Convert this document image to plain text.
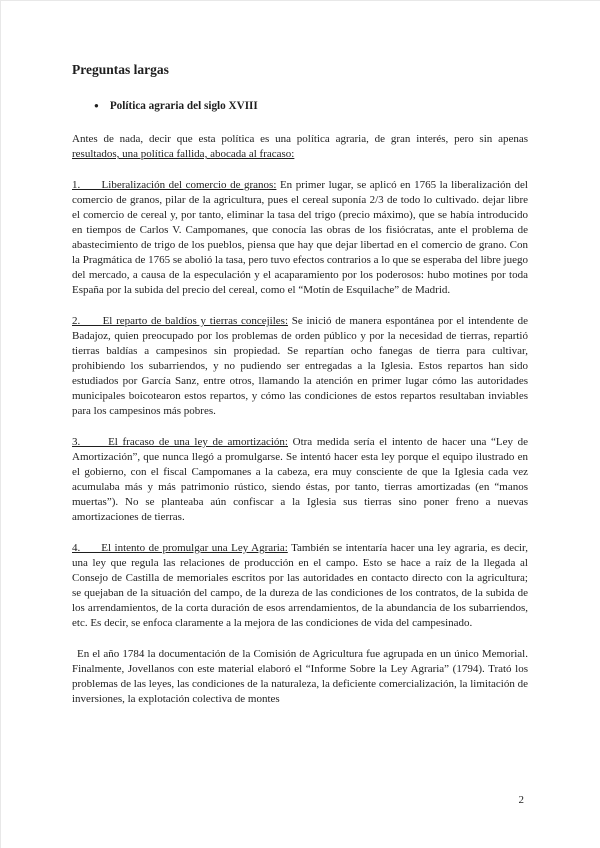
Preguntas largas
● Política agraria del siglo XVIII

Antes de nada, decir que esta política es una política agraria, de gran interés, pero sin apenas resultados, una política fallida, abocada al fracaso:

1.      Liberalización del comercio de granos: En primer lugar, se aplicó en 1765 la liberalización del comercio de granos, pilar de la agricultura, pues el cereal suponía 2/3 de todo lo cultivado. dejar libre el comercio de cereal y, por tanto, eliminar la tasa del trigo (precio máximo), que se había introducido en tiempos de Carlos V. Campomanes, que conocía las obras de los fisiócratas, ante el problema de abastecimiento de trigo de los pueblos, piensa que hay que dejar libertad en el comercio de grano. Con la Pragmática de 1765 se abolió la tasa, pero tuvo efectos contrarios a lo que se esperaba del libre juego del mercado, a causa de la especulación y el acaparamiento por los poderosos: hubo motines por toda España por la subida del precio del cereal, como el “Motín de Esquilache” de Madrid.

2.      El reparto de baldíos y tierras concejiles: Se inició de manera espontánea por el intendente de Badajoz, quien preocupado por los problemas de orden público y por la necesidad de tierras, repartió tierras baldías a campesinos sin propiedad. Se repartían ocho fanegas de tierra para cultivar, prohibiendo los subarriendos, y no pudiendo ser entregadas a la Iglesia. Estos repartos han sido estudiados por García Sanz, entre otros, llamando la atención en primer lugar cómo las autoridades municipales boicotearon estos repartos, y cómo las condiciones de estos repartos resultaban inviables para los campesinos más pobres.

3.      El fracaso de una ley de amortización: Otra medida sería el intento de hacer una “Ley de Amortización”, que nunca llegó a promulgarse. Se intentó hacer esta ley porque el equipo ilustrado en el gobierno, con el fiscal Campomanes a la cabeza, era muy consciente de que la Iglesia cada vez acumulaba más y más patrimonio rústico, siendo éstas, por tanto, tierras amortizadas (en “manos muertas”). No se planteaba aún confiscar a la Iglesia sus tierras sino poner freno a nuevas amortizaciones de tierras.

4.      El intento de promulgar una Ley Agraria: También se intentaría hacer una ley agraria, es decir, una ley que regula las relaciones de producción en el campo. Esto se hace a raíz de la llegada al Consejo de Castilla de memoriales escritos por las autoridades en contacto directo con la agricultura; se quejaban de la situación del campo, de la dureza de las condiciones de los contratos, de la subida de los arrendamientos, de la corta duración de esos arrendamientos, de la abundancia de los subarriendos, etc. Es decir, se enfoca claramente a la mejora de las condiciones de vida del campesinado.

En el año 1784 la documentación de la Comisión de Agricultura fue agrupada en un único Memorial. Finalmente, Jovellanos con este material elaboró el “Informe Sobre la Ley Agraria” (1794). Trató los problemas de las leyes, las condiciones de la naturaleza, la deficiente comercialización, la limitación de inversiones, la explotación colectiva de montes

2
